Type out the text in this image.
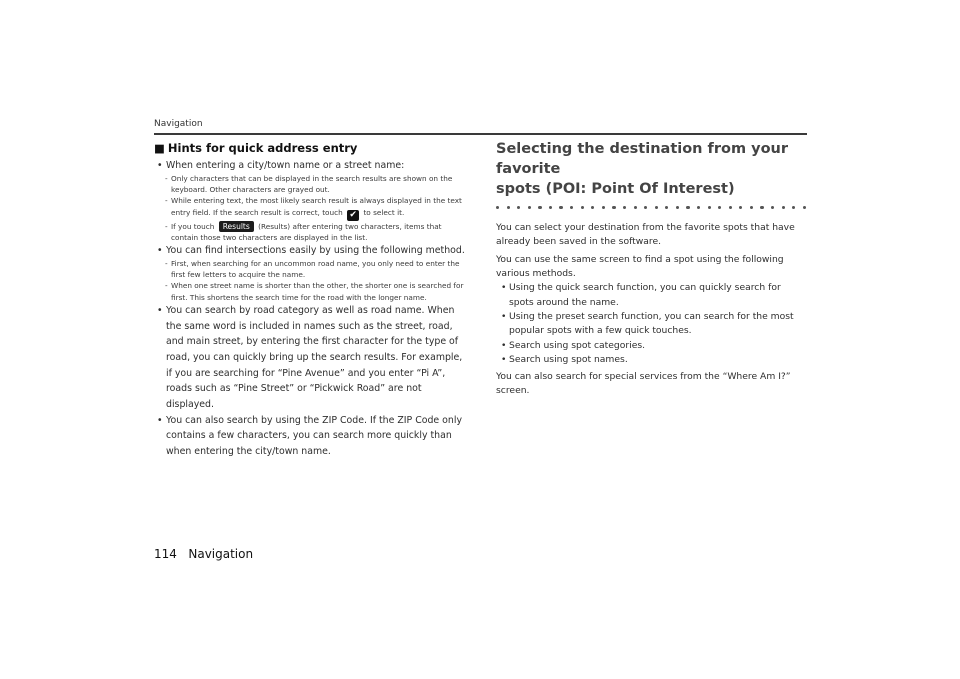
Navigation
■ Hints for quick address entry
• When entering a city/town name or a street name:
- Only characters that can be displayed in the search results are shown on the keyboard. Other characters are grayed out.
- While entering text, the most likely search result is always displayed in the text entry field. If the search result is correct, touch ✔ to select it.
- If you touch Results (Results) after entering two characters, items that contain those two characters are displayed in the list.
• You can find intersections easily by using the following method.
- First, when searching for an uncommon road name, you only need to enter the first few letters to acquire the name.
- When one street name is shorter than the other, the shorter one is searched for first. This shortens the search time for the road with the longer name.
• You can search by road category as well as road name. When the same word is included in names such as the street, road, and main street, by entering the first character for the type of road, you can quickly bring up the search results. For example, if you are searching for “Pine Avenue” and you enter “Pi A”, roads such as “Pine Street” or “Pickwick Road” are not displayed.
• You can also search by using the ZIP Code. If the ZIP Code only contains a few characters, you can search more quickly than when entering the city/town name.
Selecting the destination from your favorite
spots (POI: Point Of Interest)
You can select your destination from the favorite spots that have already been saved in the software.
You can use the same screen to find a spot using the following various methods.
• Using the quick search function, you can quickly search for spots around the name.
• Using the preset search function, you can search for the most popular spots with a few quick touches.
• Search using spot categories.
• Search using spot names.
You can also search for special services from the “Where Am I?” screen.
114 Navigation
